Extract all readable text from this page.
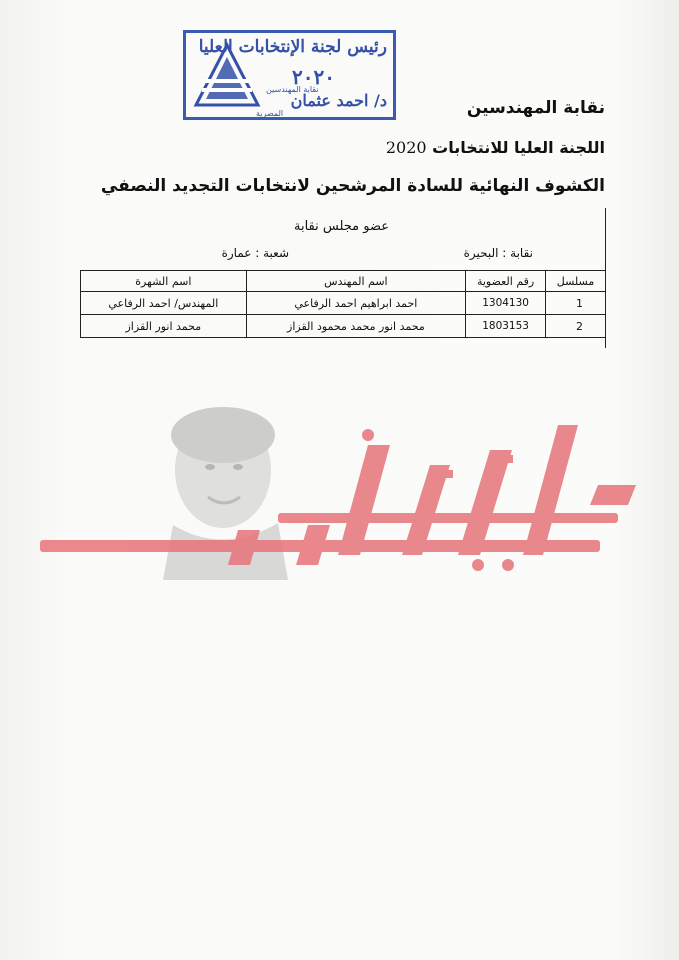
رئيس لجنة الإنتخابات العليا
٢٠٢٠
نقابة المهندسين
د/ احمد عثمان
المصرية	نقابة المهندسين
اللجنة العليا للانتخابات 2020
الكشوف النهائية للسادة المرشحين لانتخابات التجديد النصفي
عضو مجلس نقابة
نقابة : البحيرة
شعبة : عمارة
مسلسل	رقم العضوية	اسم المهندس	اسم الشهرة
1	1304130	احمد ابراهيم احمد الرفاعي	المهندس/ احمد الرفاعي
2	1803153	محمد انور محمد محمود القزاز	محمد انور القزاز
